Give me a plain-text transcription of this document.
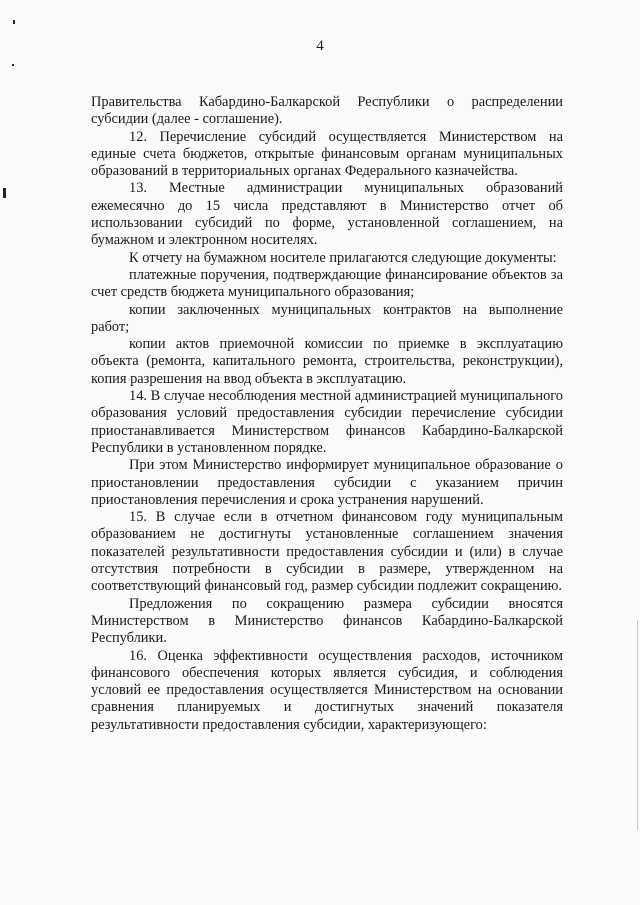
4

Правительства Кабардино-Балкарской Республики о распределении субсидии (далее - соглашение).

12. Перечисление субсидий осуществляется Министерством на единые счета бюджетов, открытые финансовым органам муниципальных образований в территориальных органах Федерального казначейства.

13. Местные администрации муниципальных образований ежемесячно до 15 числа представляют в Министерство отчет об использовании субсидий по форме, установленной соглашением, на бумажном и электронном носителях.

К отчету на бумажном носителе прилагаются следующие документы:

платежные поручения, подтверждающие финансирование объектов за счет средств бюджета муниципального образования;

копии заключенных муниципальных контрактов на выполнение работ;

копии актов приемочной комиссии по приемке в эксплуатацию объекта (ремонта, капитального ремонта, строительства, реконструкции), копия разрешения на ввод объекта в эксплуатацию.

14. В случае несоблюдения местной администрацией муниципального образования условий предоставления субсидии перечисление субсидии приостанавливается Министерством финансов Кабардино-Балкарской Республики в установленном порядке.

При этом Министерство информирует муниципальное образование о приостановлении предоставления субсидии с указанием причин приостановления перечисления и срока устранения нарушений.

15. В случае если в отчетном финансовом году муниципальным образованием не достигнуты установленные соглашением значения показателей результативности предоставления субсидии и (или) в случае отсутствия потребности в субсидии в размере, утвержденном на соответствующий финансовый год, размер субсидии подлежит сокращению.

Предложения по сокращению размера субсидии вносятся Министерством в Министерство финансов Кабардино-Балкарской Республики.

16. Оценка эффективности осуществления расходов, источником финансового обеспечения которых является субсидия, и соблюдения условий ее предоставления осуществляется Министерством на основании сравнения планируемых и достигнутых значений показателя результативности предоставления субсидии, характеризующего:
